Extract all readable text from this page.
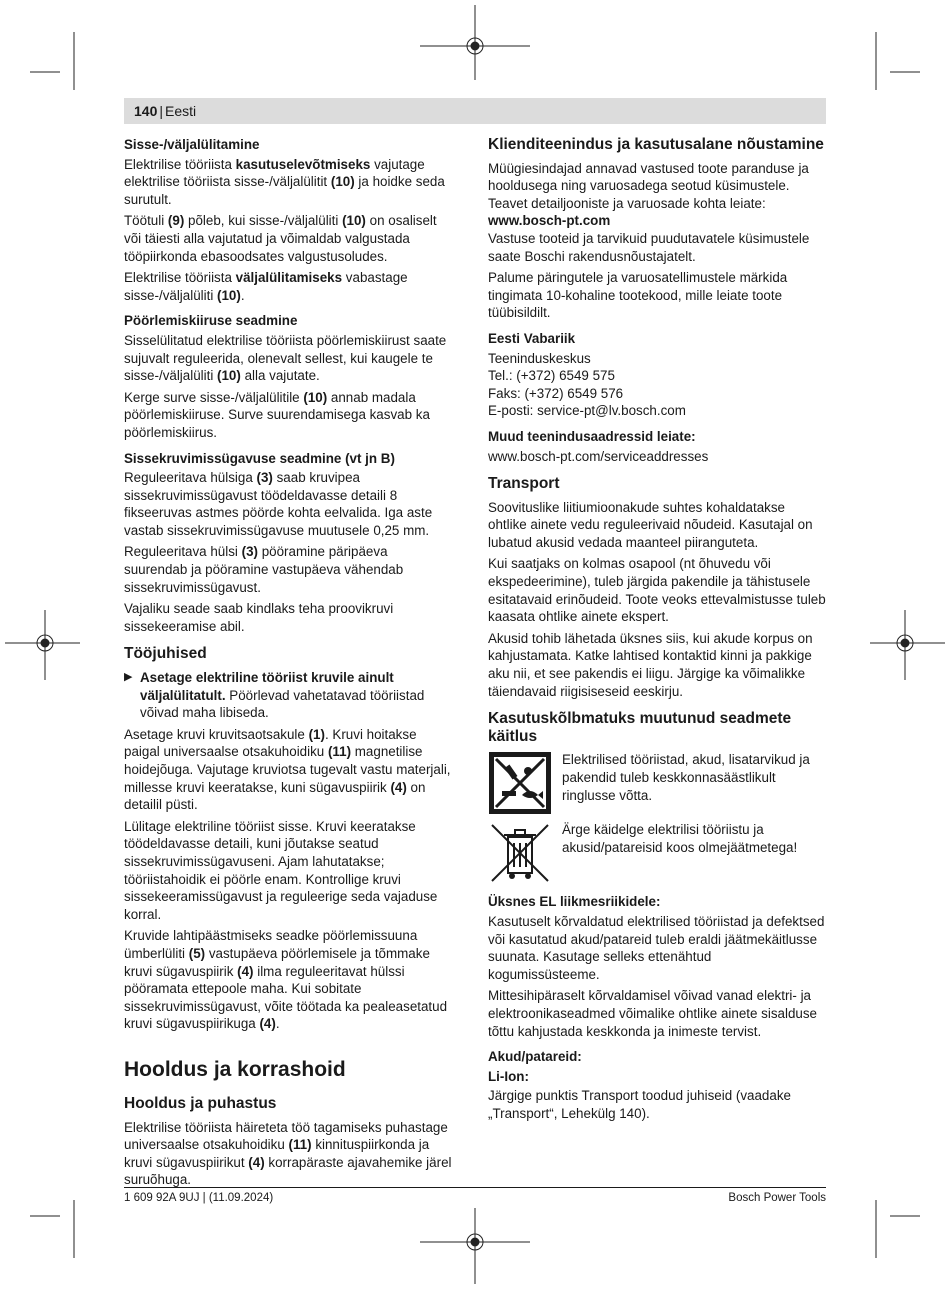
140 | Eesti
Sisse-/väljalülitamine

Elektrilise tööriista kasutuselevõtmiseks vajutage elektrilise tööriista sisse-/väljalülitit (10) ja hoidke seda surutult.

Töötuli (9) põleb, kui sisse-/väljalüliti (10) on osaliselt või täiesti alla vajutatud ja võimaldab valgustada tööpiirkonda ebasoodsates valgustusoludes.

Elektrilise tööriista väljalülitamiseks vabastage sisse-/väljalüliti (10).

Pöörlemiskiiruse seadmine

Sisselülitatud elektrilise tööriista pöörlemiskiirust saate sujuvalt reguleerida, olenevalt sellest, kui kaugele te sisse-/väljalüliti (10) alla vajutate.

Kerge surve sisse-/väljalülitile (10) annab madala pöörlemiskiiruse. Surve suurendamisega kasvab ka pöörlemiskiirus.

Sissekruvimissügavuse seadmine (vt jn B)

Reguleeritava hülsiga (3) saab kruvipea sissekruvimissügavust töödeldavasse detaili 8 fikseeruvas astmes pöörde kohta eelvalida. Iga aste vastab sissekruvimissügavuse muutusele 0,25 mm.

Reguleeritava hülsi (3) pööramine päripäeva suurendab ja pööramine vastupäeva vähendab sissekruvimissügavust.

Vajaliku seade saab kindlaks teha proovikruvi sissekeeramise abil.

Tööjuhised
▶ Asetage elektriline tööriist kruvile ainult väljalülitatult. Pöörlevad vahetatavad tööriistad võivad maha libiseda.

Asetage kruvi kruvitsaotsakule (1). Kruvi hoitakse paigal universaalse otsakuhoidiku (11) magnetilise hoidejõuga. Vajutage kruviotsa tugevalt vastu materjali, millesse kruvi keeratakse, kuni sügavuspiirik (4) on detailil püsti.

Lülitage elektriline tööriist sisse. Kruvi keeratakse töödeldavasse detaili, kuni jõutakse seatud sissekruvimissügavuseni. Ajam lahutatakse; tööriistahoidik ei pöörle enam. Kontrollige kruvi sissekeeramissügavust ja reguleerige seda vajaduse korral.

Kruvide lahtipäästmiseks seadke pöörlemissuuna ümberlüliti (5) vastupäeva pöörlemisele ja tõmmake kruvi sügavuspiirik (4) ilma reguleeritavat hülssi pööramata ettepoole maha. Kui sobitate sissekruvimissügavust, võite töötada ka pealeasetatud kruvi sügavuspiirikuga (4).

Hooldus ja korrashoid
Hooldus ja puhastus

Elektrilise tööriista häireteta töö tagamiseks puhastage universaalse otsakuhoidiku (11) kinnituspiirkonda ja kruvi sügavuspiirikut (4) korrapäraste ajavahemike järel suruõhuga.

Klienditeenindus ja kasutusalane nõustamine

Müügiesindajad annavad vastused toote paranduse ja hooldusega ning varuosadega seotud küsimustele. Teavet detailjooniste ja varuosade kohta leiate:

www.bosch-pt.com

Vastuse tooteid ja tarvikuid puudutavatele küsimustele saate Boschi rakendusnõustajatelt.

Palume päringutele ja varuosatellimustele märkida tingimata 10-kohaline tootekood, mille leiate toote tüübisildilt.

Eesti Vabariik
Teeninduskeskus
Tel.: (+372) 6549 575
Faks: (+372) 6549 576
E-posti: service-pt@lv.bosch.com
Muud teenindusaadressid leiate:
www.bosch-pt.com/serviceaddresses
Transport

Soovituslike liitiumioonakude suhtes kohaldatakse ohtlike ainete vedu reguleerivaid nõudeid. Kasutajal on lubatud akusid vedada maanteel piiranguteta.

Kui saatjaks on kolmas osapool (nt õhuvedu või ekspedeerimine), tuleb järgida pakendile ja tähistusele esitatavaid erinõudeid. Toote veoks ettevalmistusse tuleb kaasata ohtlike ainete ekspert.

Akusid tohib lähetada üksnes siis, kui akude korpus on kahjustamata. Katke lahtised kontaktid kinni ja pakkige aku nii, et see pakendis ei liigu. Järgige ka võimalikke täiendavaid riigisiseseid eeskirju.

Kasutuskõlbmatuks muutunud seadmete käitlus
Elektrilised tööriistad, akud, lisatarvikud ja pakendid tuleb keskkonnasäästlikult ringlusse võtta.
Ärge käidelge elektrilisi tööriistu ja akusid/patareisid koos olmejäätmetega!
Üksnes EL liikmesriikidele:

Kasutuselt kõrvaldatud elektrilised tööriistad ja defektsed või kasutatud akud/patareid tuleb eraldi jäätmekäitlusse suunata. Kasutage selleks ettenähtud kogumissüsteeme.

Mittesihipäraselt kõrvaldamisel võivad vanad elektri- ja elektroonikaseadmed võimalike ohtlike ainete sisalduse tõttu kahjustada keskkonda ja inimeste tervist.

Akud/patareid:
Li-Ion:

Järgige punktis Transport toodud juhiseid (vaadake „Transport“, Lehekülg 140).

1 609 92A 9UJ | (11.09.2024)	Bosch Power Tools
